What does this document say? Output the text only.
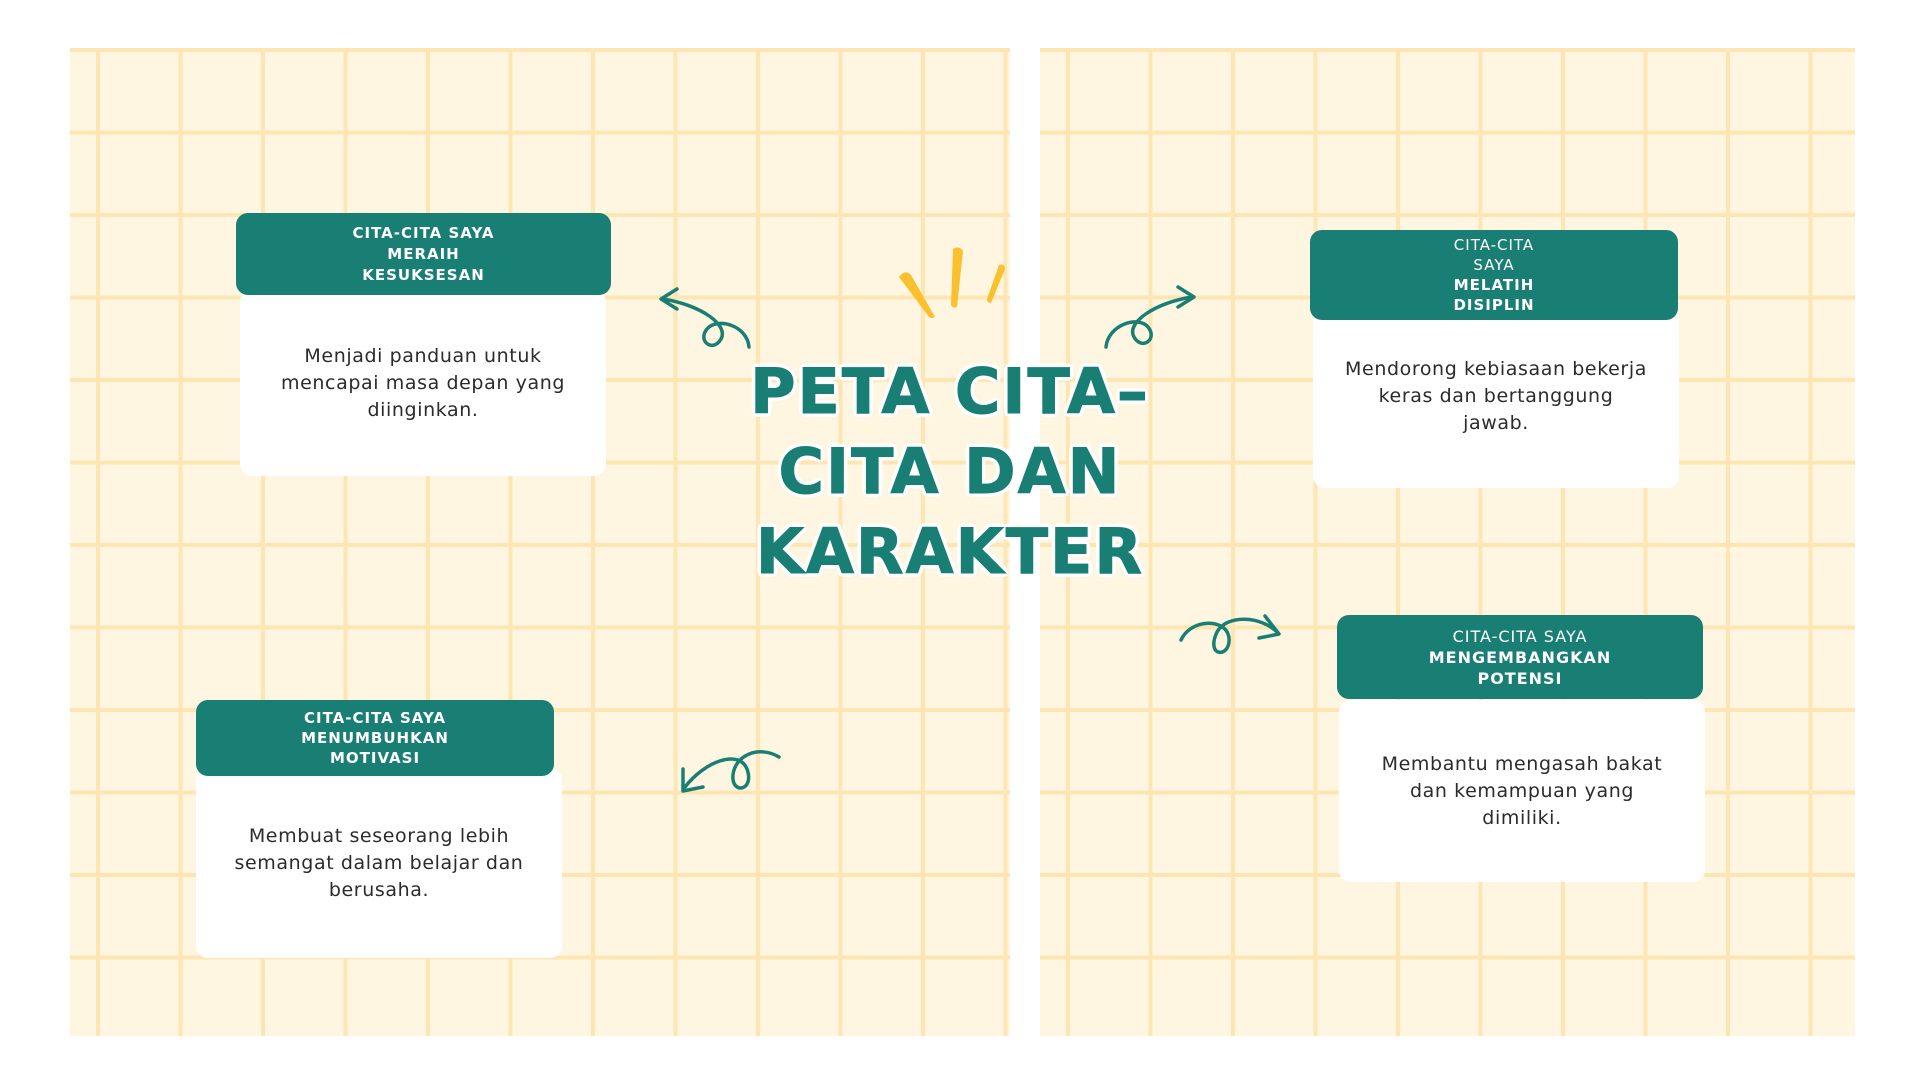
PETA CITA–
CITA DAN
KARAKTER
Menjadi panduan untuk mencapai masa depan yang diinginkan.
CITA-CITA SAYA
MERAIH
KESUKSESAN
Mendorong kebiasaan bekerja keras dan bertanggung jawab.
CITA-CITA
SAYA
MELATIH
DISIPLIN
Membuat seseorang lebih semangat dalam belajar dan berusaha.
CITA-CITA SAYA
MENUMBUHKAN
MOTIVASI	Membantu mengasah bakat dan kemampuan yang dimiliki.
CITA-CITA SAYA
MENGEMBANGKAN
POTENSI
